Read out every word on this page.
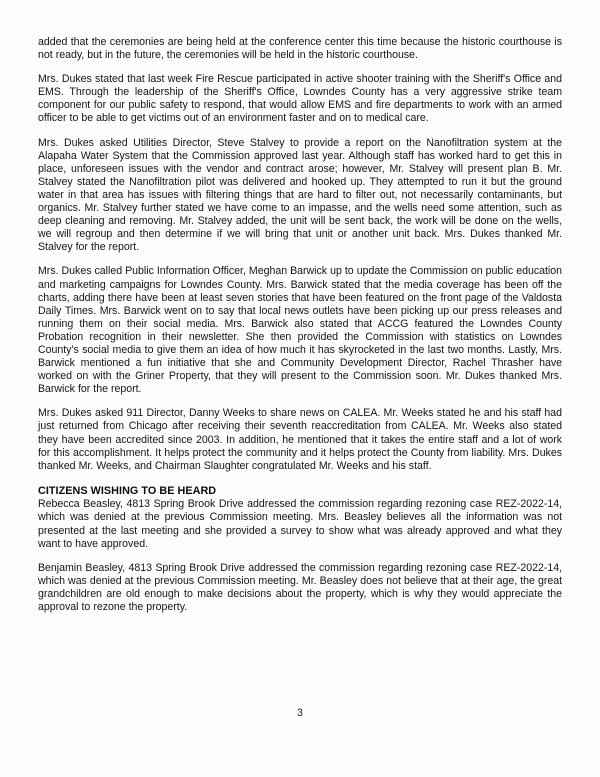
added that the ceremonies are being held at the conference center this time because the historic courthouse is not ready, but in the future, the ceremonies will be held in the historic courthouse.

Mrs. Dukes stated that last week Fire Rescue participated in active shooter training with the Sheriff's Office and EMS. Through the leadership of the Sheriff's Office, Lowndes County has a very aggressive strike team component for our public safety to respond, that would allow EMS and fire departments to work with an armed officer to be able to get victims out of an environment faster and on to medical care.

Mrs. Dukes asked Utilities Director, Steve Stalvey to provide a report on the Nanofiltration system at the Alapaha Water System that the Commission approved last year. Although staff has worked hard to get this in place, unforeseen issues with the vendor and contract arose; however, Mr. Stalvey will present plan B. Mr. Stalvey stated the Nanofiltration pilot was delivered and hooked up. They attempted to run it but the ground water in that area has issues with filtering things that are hard to filter out, not necessarily contaminants, but organics. Mr. Stalvey further stated we have come to an impasse, and the wells need some attention, such as deep cleaning and removing. Mr. Stalvey added, the unit will be sent back, the work will be done on the wells, we will regroup and then determine if we will bring that unit or another unit back. Mrs. Dukes thanked Mr. Stalvey for the report.

Mrs. Dukes called Public Information Officer, Meghan Barwick up to update the Commission on public education and marketing campaigns for Lowndes County. Mrs. Barwick stated that the media coverage has been off the charts, adding there have been at least seven stories that have been featured on the front page of the Valdosta Daily Times. Mrs. Barwick went on to say that local news outlets have been picking up our press releases and running them on their social media. Mrs. Barwick also stated that ACCG featured the Lowndes County Probation recognition in their newsletter. She then provided the Commission with statistics on Lowndes County's social media to give them an idea of how much it has skyrocketed in the last two months. Lastly, Mrs. Barwick mentioned a fun initiative that she and Community Development Director, Rachel Thrasher have worked on with the Griner Property, that they will present to the Commission soon. Mr. Dukes thanked Mrs. Barwick for the report.

Mrs. Dukes asked 911 Director, Danny Weeks to share news on CALEA. Mr. Weeks stated he and his staff had just returned from Chicago after receiving their seventh reaccreditation from CALEA. Mr. Weeks also stated they have been accredited since 2003. In addition, he mentioned that it takes the entire staff and a lot of work for this accomplishment. It helps protect the community and it helps protect the County from liability. Mrs. Dukes thanked Mr. Weeks, and Chairman Slaughter congratulated Mr. Weeks and his staff.

CITIZENS WISHING TO BE HEARD

Rebecca Beasley, 4813 Spring Brook Drive addressed the commission regarding rezoning case REZ-2022-14, which was denied at the previous Commission meeting. Mrs. Beasley believes all the information was not presented at the last meeting and she provided a survey to show what was already approved and what they want to have approved.

Benjamin Beasley, 4813 Spring Brook Drive addressed the commission regarding rezoning case REZ-2022-14, which was denied at the previous Commission meeting. Mr. Beasley does not believe that at their age, the great grandchildren are old enough to make decisions about the property, which is why they would appreciate the approval to rezone the property.

3
